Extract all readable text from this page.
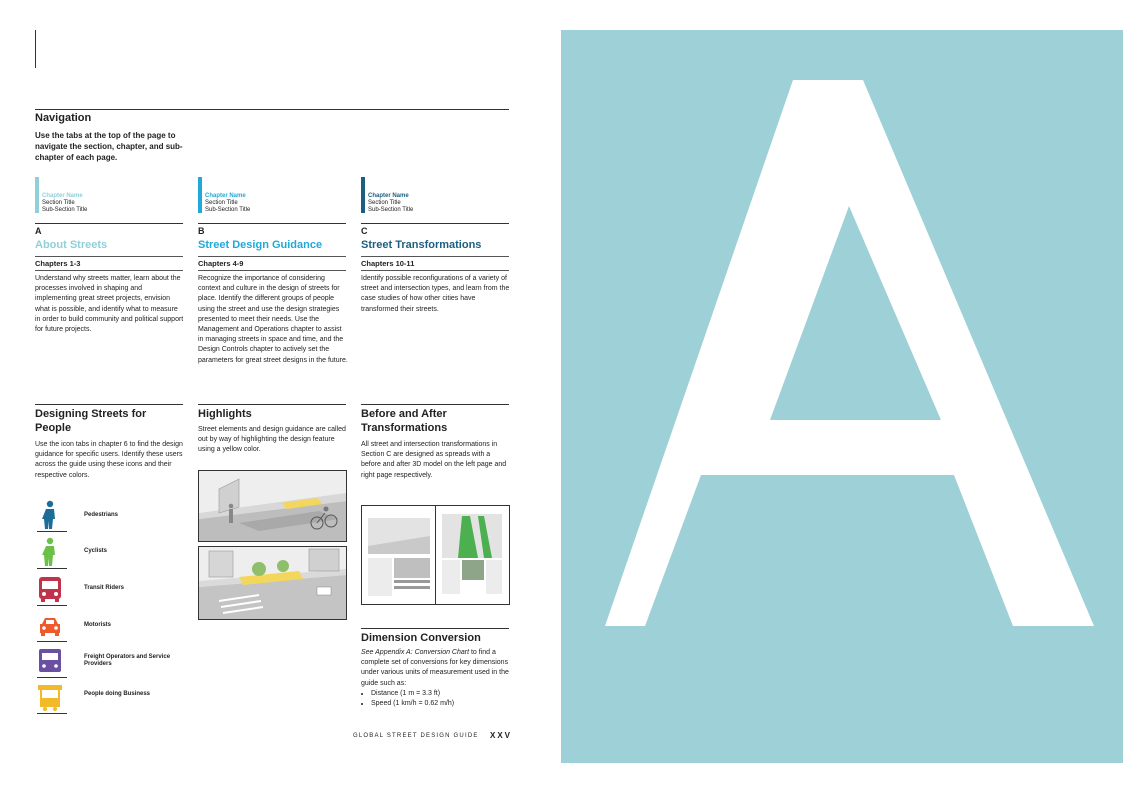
Navigation
Use the tabs at the top of the page to navigate the section, chapter, and sub-chapter of each page.
Chapter Name
Section Title
Sub-Section Title
Chapter Name
Section Title
Sub-Section Title
Chapter Name
Section Title
Sub-Section Title
A
About Streets
Chapters 1-3
Understand why streets matter, learn about the processes involved in shaping and implementing great street projects, envision what is possible, and identify what to measure in order to build community and political support for future projects.
B
Street Design Guidance
Chapters 4-9
Recognize the importance of considering context and culture in the design of streets for place. Identify the different groups of people using the street and use the design strategies presented to meet their needs. Use the Management and Operations chapter to assist in managing streets in space and time, and the Design Controls chapter to actively set the parameters for great street designs in the future.
C
Street Transformations
Chapters 10-11
Identify possible reconfigurations of a variety of street and intersection types, and learn from the case studies of how other cities have transformed their streets.
Designing Streets for People
Use the icon tabs in chapter 6 to find the design guidance for specific users. Identify these users across the guide using these icons and their respective colors.
Pedestrians
Cyclists
Transit Riders
Motorists
Freight Operators and Service Providers
People doing Business
Highlights
Street elements and design guidance are called out by way of highlighting the design feature using a yellow color.
Before and After Transformations
All street and intersection transformations in Section C are designed as spreads with a before and after 3D model on the left page and right page respectively.
Dimension Conversion
See Appendix A: Conversion Chart to find a complete set of conversions for key dimensions under various units of measurement used in the guide such as:
• Distance (1 m = 3.3 ft)
• Speed (1 km/h = 0.62 m/h)
GLOBAL STREET DESIGN GUIDE XXV
